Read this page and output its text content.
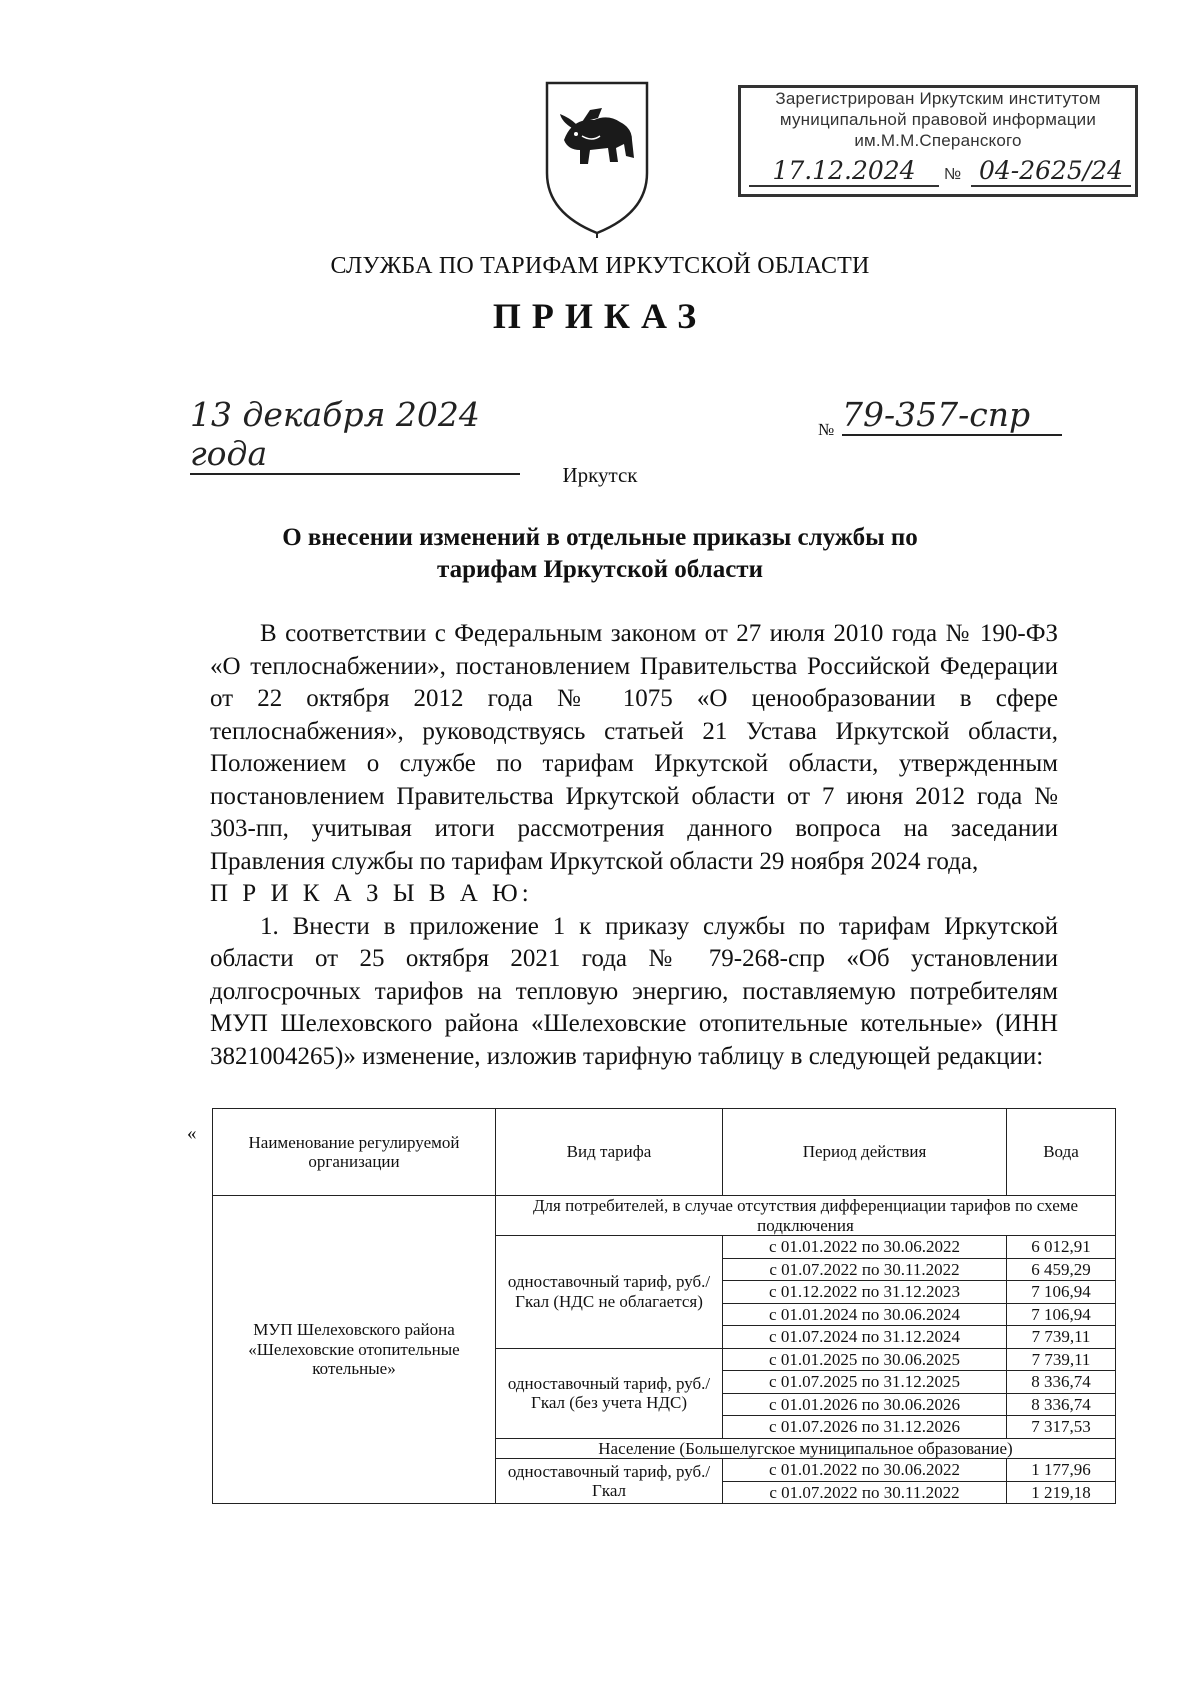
Зарегистрирован Иркутским институтом
муниципальной правовой информации
им.М.М.Сперанского
17.12.2024	№ 04-2625/24
СЛУЖБА ПО ТАРИФАМ ИРКУТСКОЙ ОБЛАСТИ
ПРИКАЗ
13 декабря 2024 года
№ 79-357-спр
Иркутск
О внесении изменений в отдельные приказы службы по тарифам Иркутской области

В соответствии с Федеральным законом от 27 июля 2010 года № 190-ФЗ «О теплоснабжении», постановлением Правительства Российской Федерации от 22 октября 2012 года № 1075 «О ценообразовании в сфере теплоснабжения», руководствуясь статьей 21 Устава Иркутской области, Положением о службе по тарифам Иркутской области, утвержденным постановлением Правительства Иркутской области от 7 июня 2012 года № 303-пп, учитывая итоги рассмотрения данного вопроса на заседании Правления службы по тарифам Иркутской области 29 ноября 2024 года,

П Р И К А З Ы В А Ю:

1. Внести в приложение 1 к приказу службы по тарифам Иркутской области от 25 октября 2021 года № 79-268-спр «Об установлении долгосрочных тарифов на тепловую энергию, поставляемую потребителям МУП Шелеховского района «Шелеховские отопительные котельные» (ИНН 3821004265)» изменение, изложив тарифную таблицу в следующей редакции:

«	Наименование регулируемой организации	Вид тарифа	Период действия	Вода
МУП Шелеховского района «Шелеховские отопительные котельные»	Для потребителей, в случае отсутствия дифференциации тарифов по схеме подключения		
	одноставочный тариф, руб./Гкал (НДС не облагается)	с 01.01.2022 по 30.06.2022	6 012,91
		с 01.07.2022 по 30.11.2022	6 459,29
		с 01.12.2022 по 31.12.2023	7 106,94
		с 01.01.2024 по 30.06.2024	7 106,94
		с 01.07.2024 по 31.12.2024	7 739,11
	одноставочный тариф, руб./Гкал (без учета НДС)	с 01.01.2025 по 30.06.2025	7 739,11
		с 01.07.2025 по 31.12.2025	8 336,74
		с 01.01.2026 по 30.06.2026	8 336,74
		с 01.07.2026 по 31.12.2026	7 317,53
	Население (Большелугское муниципальное образование)		
	одноставочный тариф, руб./Гкал	с 01.01.2022 по 30.06.2022	1 177,96
		с 01.07.2022 по 30.11.2022	1 219,18
